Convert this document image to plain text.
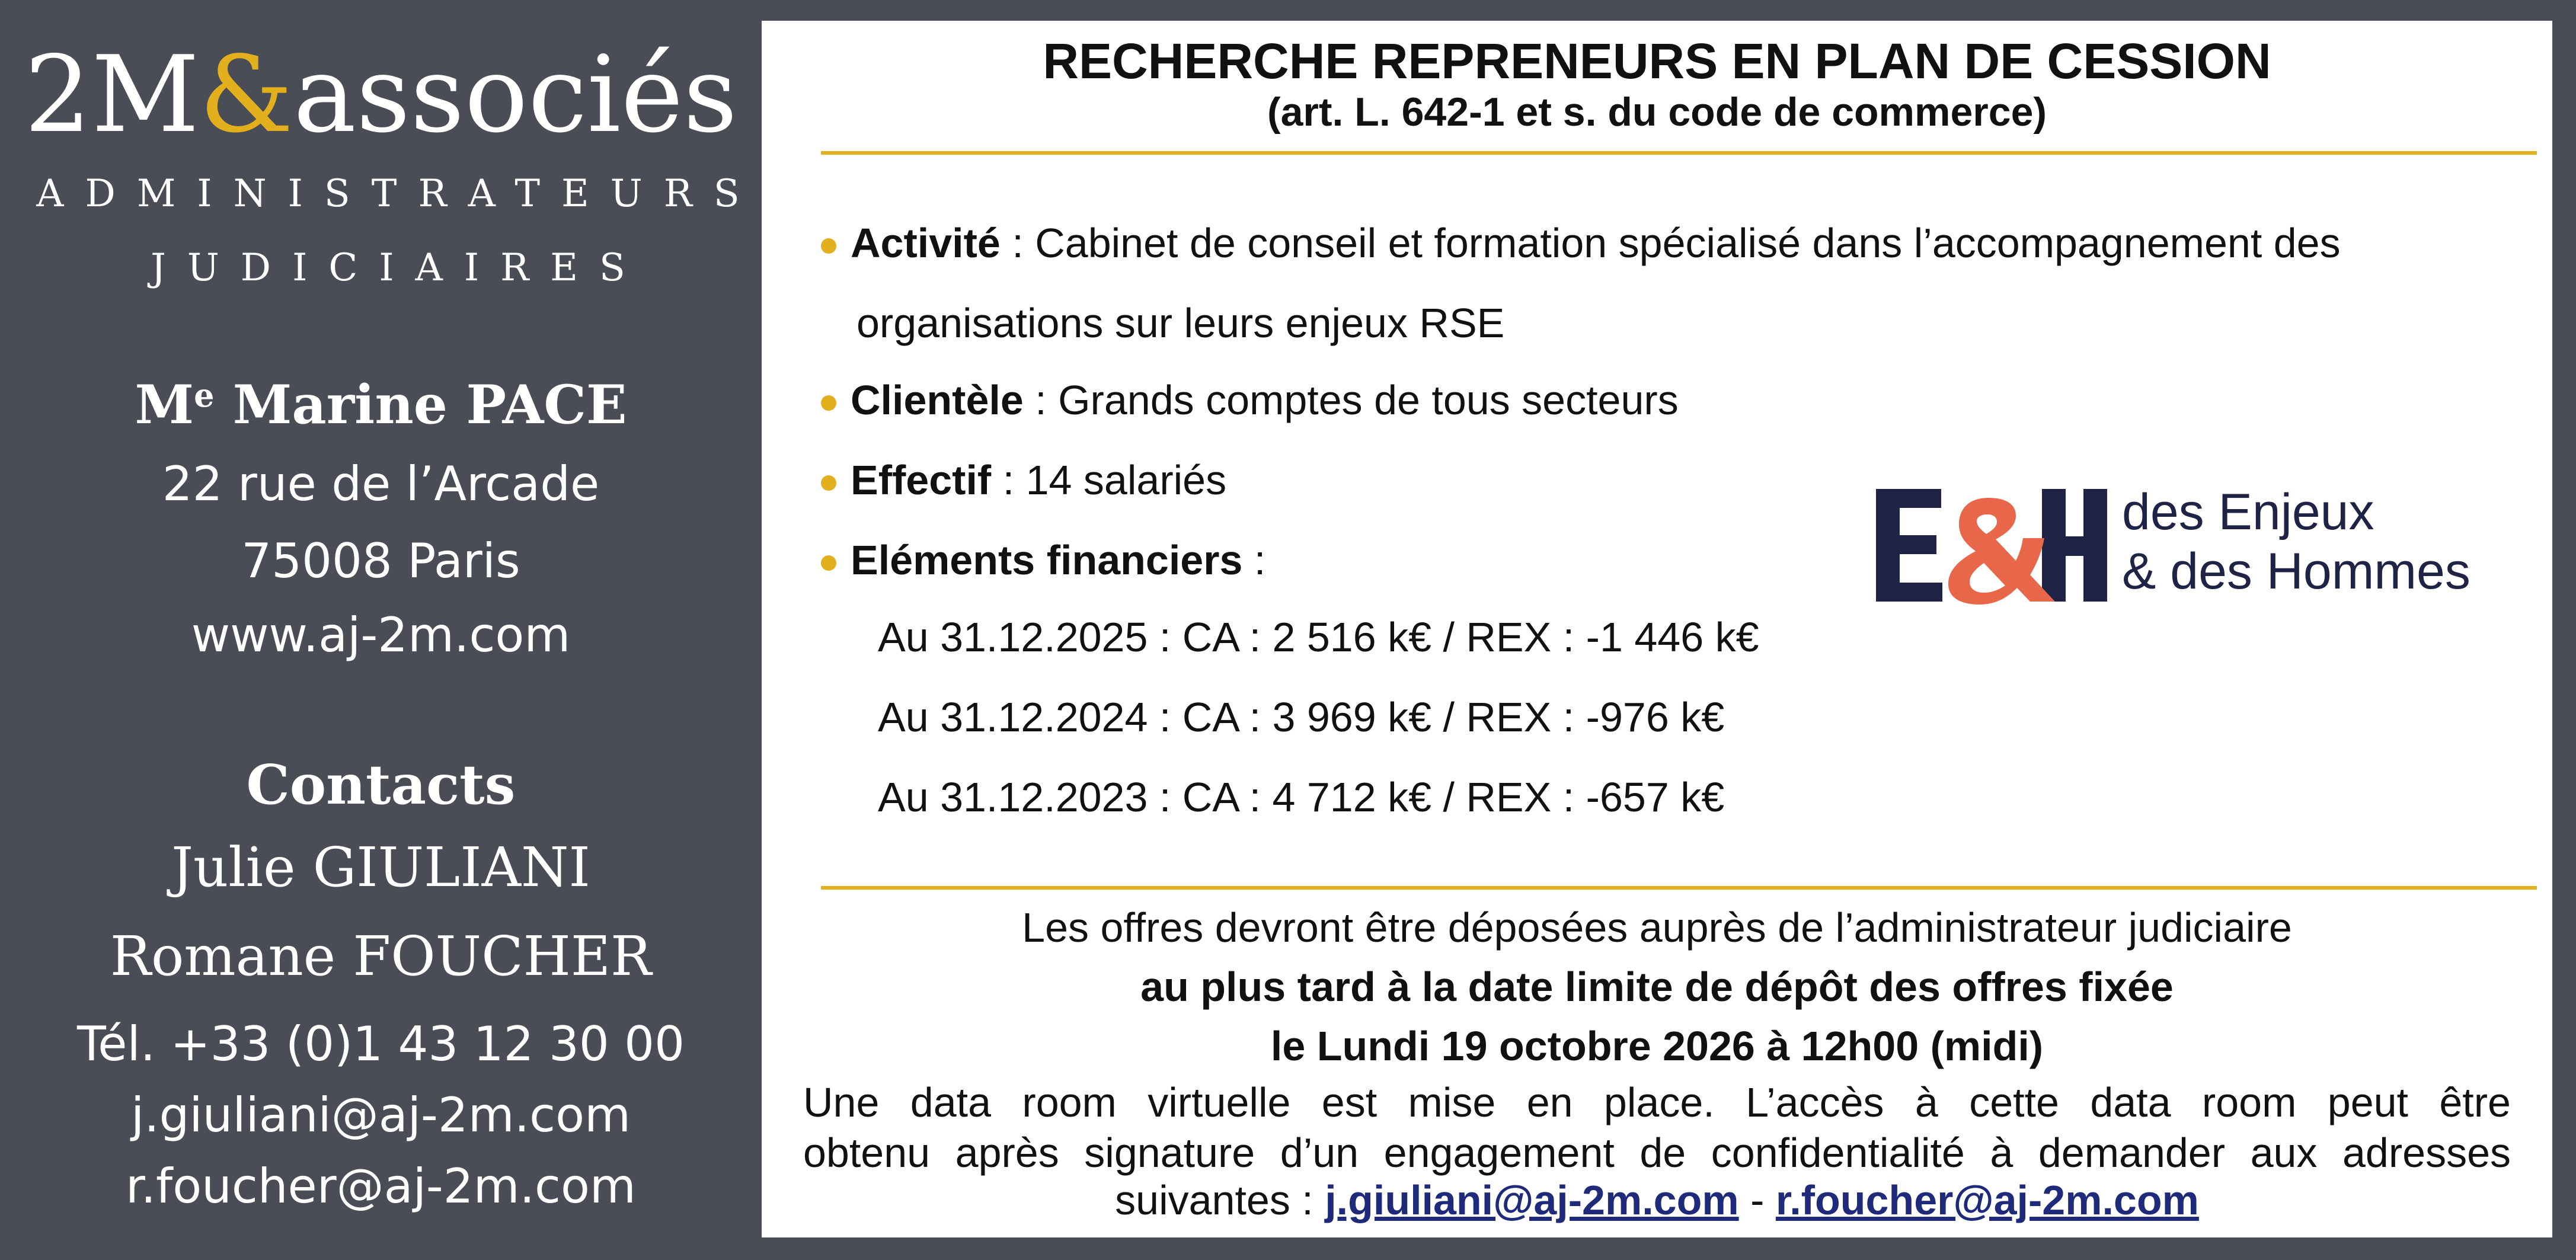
2M&associés
ADMINISTRATEURS
JUDICIAIRES
Me Marine PACE
22 rue de l’Arcade
75008 Paris
www.aj-2m.com
Contacts
Julie GIULIANI
Romane FOUCHER
Tél. +33 (0)1 43 12 30 00
j.giuliani@aj-2m.com
r.foucher@aj-2m.com
RECHERCHE REPRENEURS EN PLAN DE CESSION
(art. L. 642-1 et s. du code de commerce)
Activité : Cabinet de conseil et formation spécialisé dans l’accompagnement des
organisations sur leurs enjeux RSE
Clientèle : Grands comptes de tous secteurs
Effectif : 14 salariés
Eléments financiers :
Au 31.12.2025 : CA : 2 516 k€ / REX : -1 446 k€
Au 31.12.2024 : CA : 3 969 k€ / REX : -976 k€
Au 31.12.2023 : CA : 4 712 k€ / REX : -657 k€
des Enjeux
& des Hommes
Les offres devront être déposées auprès de l’administrateur judiciaire
au plus tard à la date limite de dépôt des offres fixée
le Lundi 19 octobre 2026 à 12h00 (midi)
Une data room virtuelle est mise en place. L’accès à cette data room peut être
obtenu après signature d’un engagement de confidentialité à demander aux adresses
suivantes : j.giuliani@aj-2m.com - r.foucher@aj-2m.com
